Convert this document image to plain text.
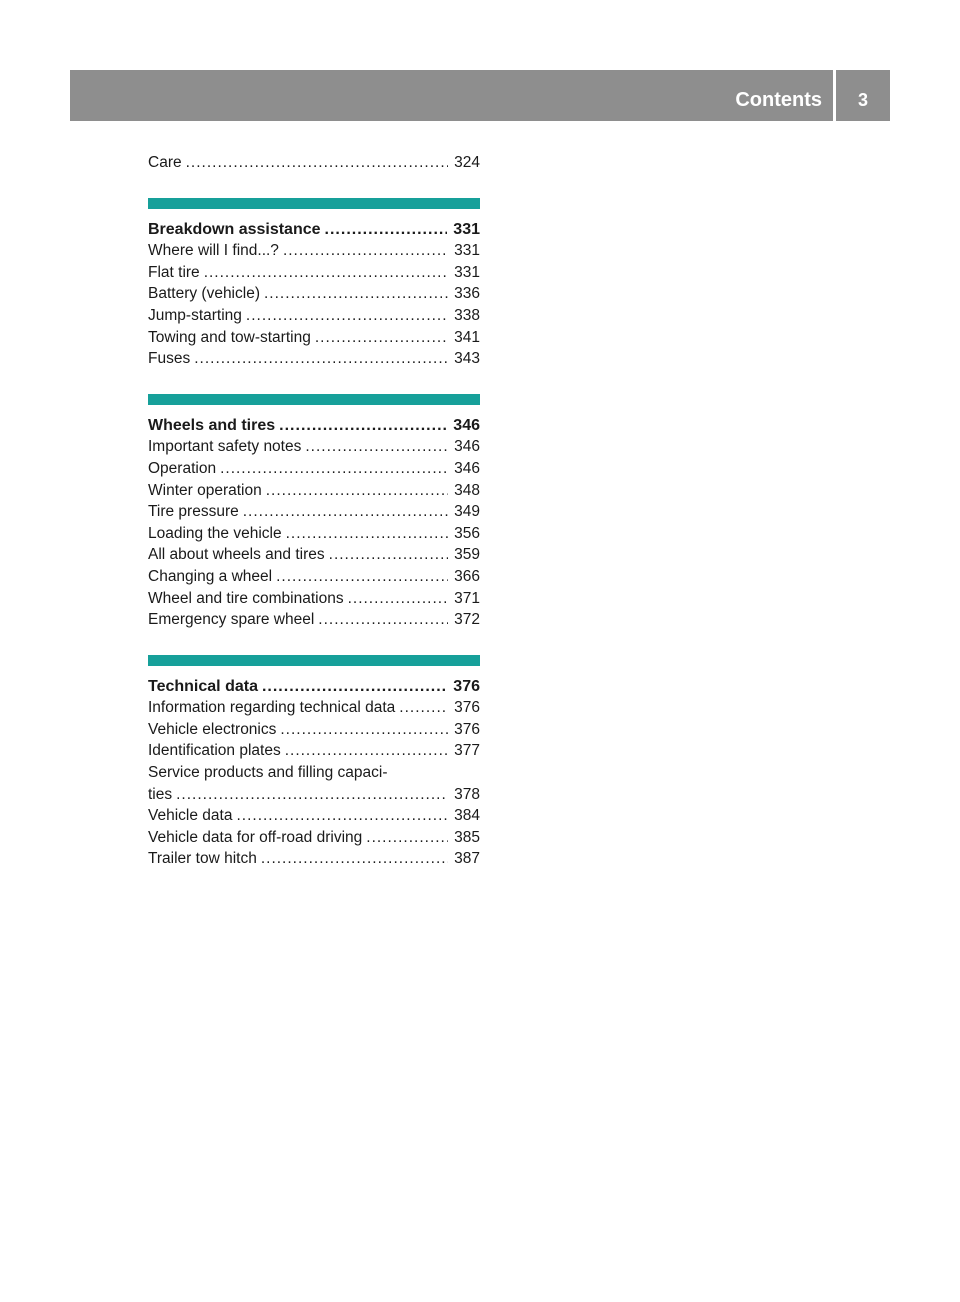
Contents	3
Care .....	324
Breakdown assistance .....	331
Where will I find...? .....	331
Flat tire .....	331
Battery (vehicle) .....	336
Jump-starting .....	338
Towing and tow-starting .....	341
Fuses .....	343
Wheels and tires .....	346
Important safety notes .....	346
Operation .....	346
Winter operation .....	348
Tire pressure .....	349
Loading the vehicle .....	356
All about wheels and tires .....	359
Changing a wheel .....	366
Wheel and tire combinations .....	371
Emergency spare wheel .....	372
Technical data .....	376
Information regarding technical data .....	376
Vehicle electronics .....	376
Identification plates .....	377
Service products and filling capaci-
ties .....	378
Vehicle data .....	384
Vehicle data for off-road driving .....	385
Trailer tow hitch .....	387
